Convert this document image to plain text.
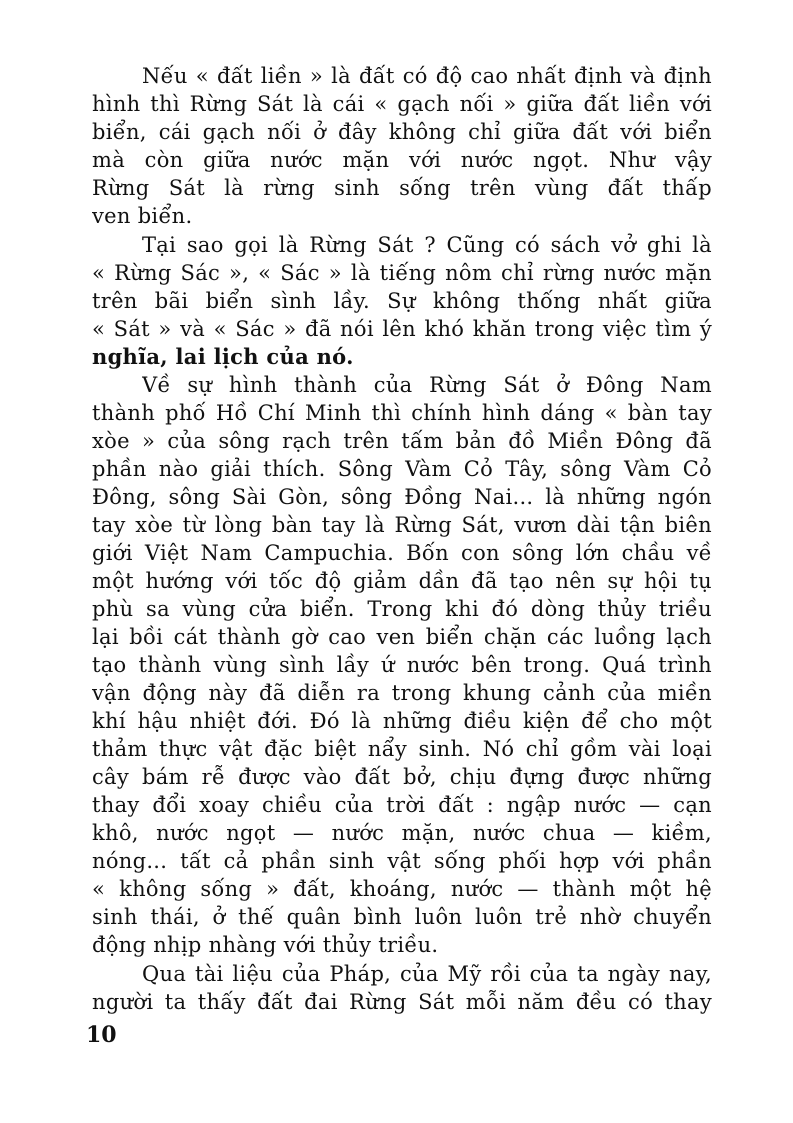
Nếu « đất liền » là đất có độ cao nhất định và định

hình thì Rừng Sát là cái « gạch nối » giữa đất liền với

biển, cái gạch nối ở đây không chỉ giữa đất với biển

mà còn giữa nước mặn với nước ngọt. Như vậy

Rừng Sát là rừng sinh sống trên vùng đất thấp

ven biển.

Tại sao gọi là Rừng Sát ? Cũng có sách vở ghi là

« Rừng Sác », « Sác » là tiếng nôm chỉ rừng nước mặn

trên bãi biển sình lầy. Sự không thống nhất giữa

« Sát » và « Sác » đã nói lên khó khăn trong việc tìm ý

nghĩa, lai lịch của nó.

Về sự hình thành của Rừng Sát ở Đông Nam

thành phố Hồ Chí Minh thì chính hình dáng « bàn tay

xòe » của sông rạch trên tấm bản đồ Miền Đông đã

phần nào giải thích. Sông Vàm Cỏ Tây, sông Vàm Cỏ

Đông, sông Sài Gòn, sông Đồng Nai... là những ngón

tay xòe từ lòng bàn tay là Rừng Sát, vươn dài tận biên

giới Việt Nam Campuchia. Bốn con sông lớn chầu về

một hướng với tốc độ giảm dần đã tạo nên sự hội tụ

phù sa vùng cửa biển. Trong khi đó dòng thủy triều

lại bồi cát thành gờ cao ven biển chặn các luồng lạch

tạo thành vùng sình lầy ứ nước bên trong. Quá trình

vận động này đã diễn ra trong khung cảnh của miền

khí hậu nhiệt đới. Đó là những điều kiện để cho một

thảm thực vật đặc biệt nẩy sinh. Nó chỉ gồm vài loại

cây bám rễ được vào đất bở, chịu đựng được những

thay đổi xoay chiều của trời đất : ngập nước — cạn

khô, nước ngọt — nước mặn, nước chua — kiềm,

nóng... tất cả phần sinh vật sống phối hợp với phần

« không sống » đất, khoáng, nước — thành một hệ

sinh thái, ở thế quân bình luôn luôn trẻ nhờ chuyển

động nhịp nhàng với thủy triều.

Qua tài liệu của Pháp, của Mỹ rồi của ta ngày nay,

người ta thấy đất đai Rừng Sát mỗi năm đều có thay

10
